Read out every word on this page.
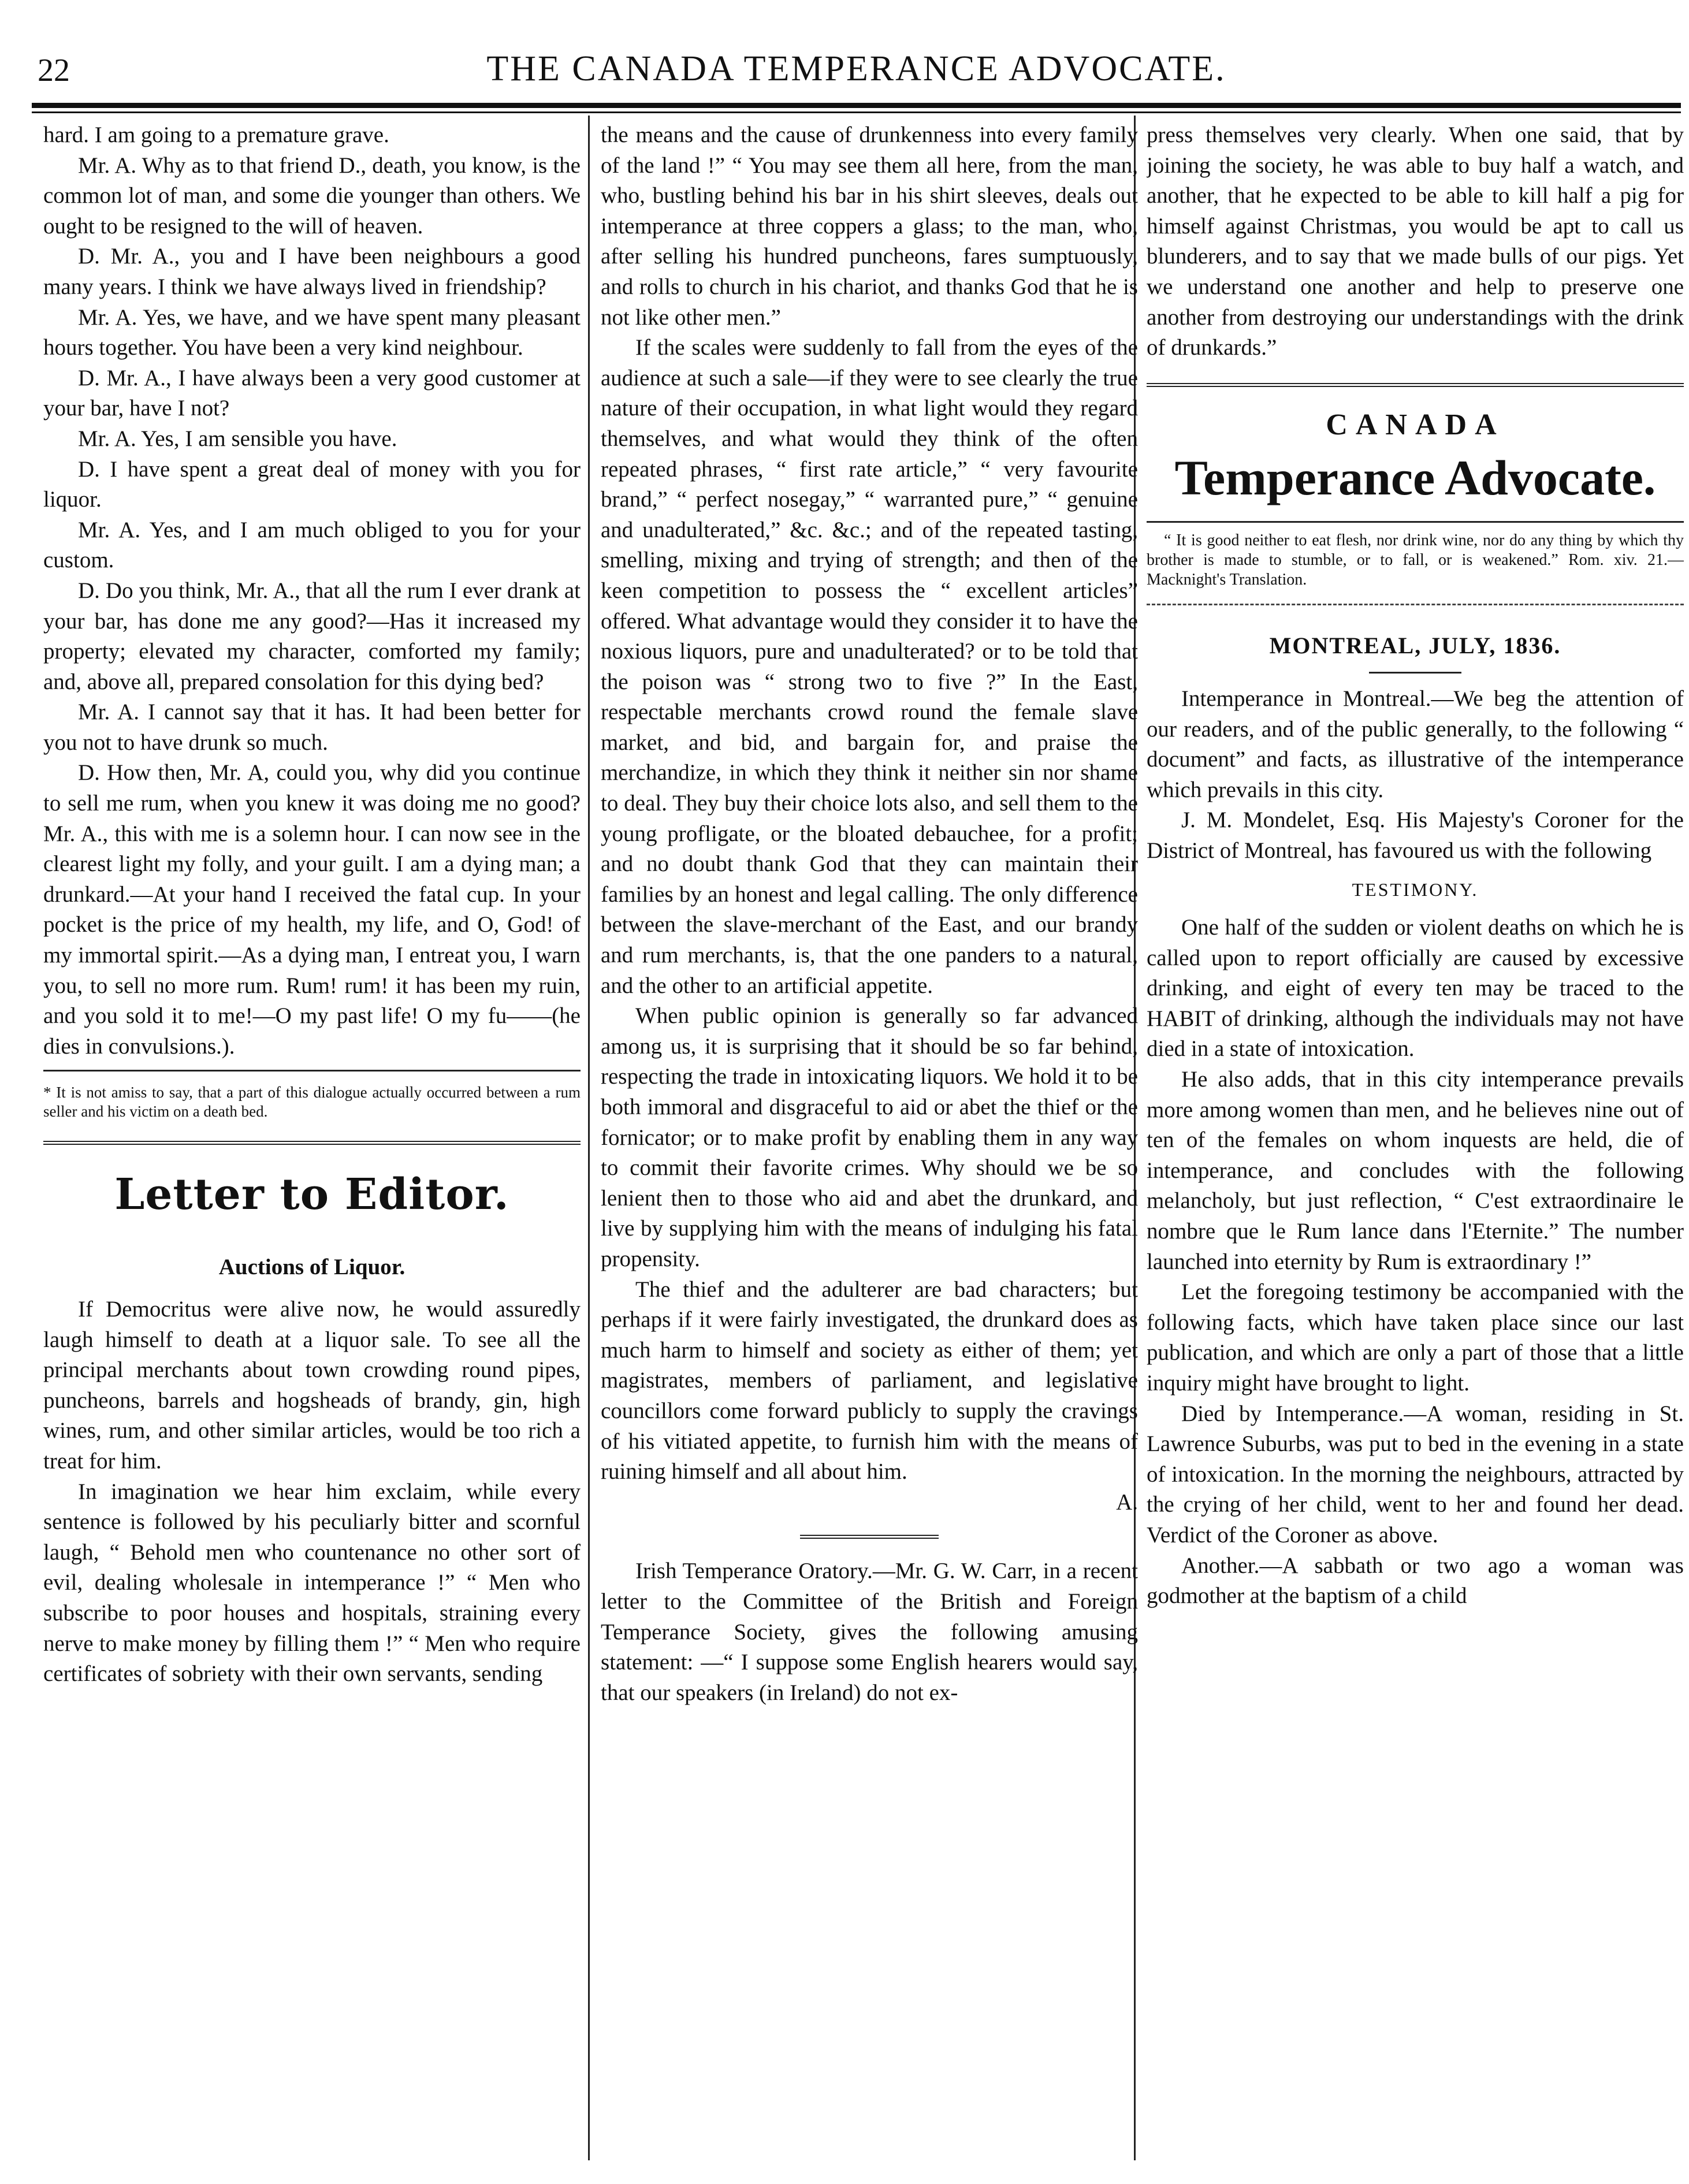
22	THE CANADA TEMPERANCE ADVOCATE.

hard. I am going to a premature grave.

Mr. A. Why as to that friend D., death, you know, is the common lot of man, and some die younger than others. We ought to be resigned to the will of heaven.

D. Mr. A., you and I have been neighbours a good many years. I think we have always lived in friendship?

Mr. A. Yes, we have, and we have spent many pleasant hours together. You have been a very kind neighbour.

D. Mr. A., I have always been a very good customer at your bar, have I not?

Mr. A. Yes, I am sensible you have.

D. I have spent a great deal of money with you for liquor.

Mr. A. Yes, and I am much obliged to you for your custom.

D. Do you think, Mr. A., that all the rum I ever drank at your bar, has done me any good?—Has it increased my property; elevated my character, comforted my family; and, above all, prepared consolation for this dying bed?

Mr. A. I cannot say that it has. It had been better for you not to have drunk so much.

D. How then, Mr. A, could you, why did you continue to sell me rum, when you knew it was doing me no good? Mr. A., this with me is a solemn hour. I can now see in the clearest light my folly, and your guilt. I am a dying man; a drunkard.—At your hand I received the fatal cup. In your pocket is the price of my health, my life, and O, God! of my immortal spirit.—As a dying man, I entreat you, I warn you, to sell no more rum. Rum! rum! it has been my ruin, and you sold it to me!—O my past life! O my fu——(he dies in convulsions.).

* It is not amiss to say, that a part of this dialogue actually occurred between a rum seller and his victim on a death bed.

Letter to Editor.

Auctions of Liquor.

If Democritus were alive now, he would assuredly laugh himself to death at a liquor sale. To see all the principal merchants about town crowding round pipes, puncheons, barrels and hogsheads of brandy, gin, high wines, rum, and other similar articles, would be too rich a treat for him.

In imagination we hear him exclaim, while every sentence is followed by his peculiarly bitter and scornful laugh, “ Behold men who countenance no other sort of evil, dealing wholesale in intemperance !” “ Men who subscribe to poor houses and hospitals, straining every nerve to make money by filling them !” “ Men who require certificates of sobriety with their own servants, sending

the means and the cause of drunkenness into every family of the land !” “ You may see them all here, from the man, who, bustling behind his bar in his shirt sleeves, deals out intemperance at three coppers a glass; to the man, who, after selling his hundred puncheons, fares sumptuously, and rolls to church in his chariot, and thanks God that he is not like other men.”

If the scales were suddenly to fall from the eyes of the audience at such a sale—if they were to see clearly the true nature of their occupation, in what light would they regard themselves, and what would they think of the often repeated phrases, “ first rate article,” “ very favourite brand,” “ perfect nosegay,” “ warranted pure,” “ genuine and unadulterated,” &c. &c.; and of the repeated tasting, smelling, mixing and trying of strength; and then of the keen competition to possess the “ excellent articles” offered. What advantage would they consider it to have the noxious liquors, pure and unadulterated? or to be told that the poison was “ strong two to five ?” In the East, respectable merchants crowd round the female slave market, and bid, and bargain for, and praise the merchandize, in which they think it neither sin nor shame to deal. They buy their choice lots also, and sell them to the young profligate, or the bloated debauchee, for a profit; and no doubt thank God that they can maintain their families by an honest and legal calling. The only difference between the slave-merchant of the East, and our brandy and rum merchants, is, that the one panders to a natural, and the other to an artificial appetite.

When public opinion is generally so far advanced among us, it is surprising that it should be so far behind, respecting the trade in intoxicating liquors. We hold it to be both immoral and disgraceful to aid or abet the thief or the fornicator; or to make profit by enabling them in any way to commit their favorite crimes. Why should we be so lenient then to those who aid and abet the drunkard, and live by supplying him with the means of indulging his fatal propensity.

The thief and the adulterer are bad characters; but perhaps if it were fairly investigated, the drunkard does as much harm to himself and society as either of them; yet magistrates, members of parliament, and legislative councillors come forward publicly to supply the cravings of his vitiated appetite, to furnish him with the means of ruining himself and all about him.

A.

Irish Temperance Oratory.—Mr. G. W. Carr, in a recent letter to the Committee of the British and Foreign Temperance Society, gives the following amusing statement: —“ I suppose some English hearers would say, that our speakers (in Ireland) do not ex-

press themselves very clearly. When one said, that by joining the society, he was able to buy half a watch, and another, that he expected to be able to kill half a pig for himself against Christmas, you would be apt to call us blunderers, and to say that we made bulls of our pigs. Yet we understand one another and help to preserve one another from destroying our understandings with the drink of drunkards.”

CANADA

Temperance Advocate.

“ It is good neither to eat flesh, nor drink wine, nor do any thing by which thy brother is made to stumble, or to fall, or is weakened.” Rom. xiv. 21.—Macknight's Translation.

MONTREAL, JULY, 1836.

Intemperance in Montreal.—We beg the attention of our readers, and of the public generally, to the following “ document” and facts, as illustrative of the intemperance which prevails in this city.

J. M. Mondelet, Esq. His Majesty's Coroner for the District of Montreal, has favoured us with the following

TESTIMONY.

One half of the sudden or violent deaths on which he is called upon to report officially are caused by excessive drinking, and eight of every ten may be traced to the HABIT of drinking, although the individuals may not have died in a state of intoxication.

He also adds, that in this city intemperance prevails more among women than men, and he believes nine out of ten of the females on whom inquests are held, die of intemperance, and concludes with the following melancholy, but just reflection, “ C'est extraordinaire le nombre que le Rum lance dans l'Eternite.” The number launched into eternity by Rum is extraordinary !”

Let the foregoing testimony be accompanied with the following facts, which have taken place since our last publication, and which are only a part of those that a little inquiry might have brought to light.

Died by Intemperance.—A woman, residing in St. Lawrence Suburbs, was put to bed in the evening in a state of intoxication. In the morning the neighbours, attracted by the crying of her child, went to her and found her dead. Verdict of the Coroner as above.

Another.—A sabbath or two ago a woman was godmother at the baptism of a child
